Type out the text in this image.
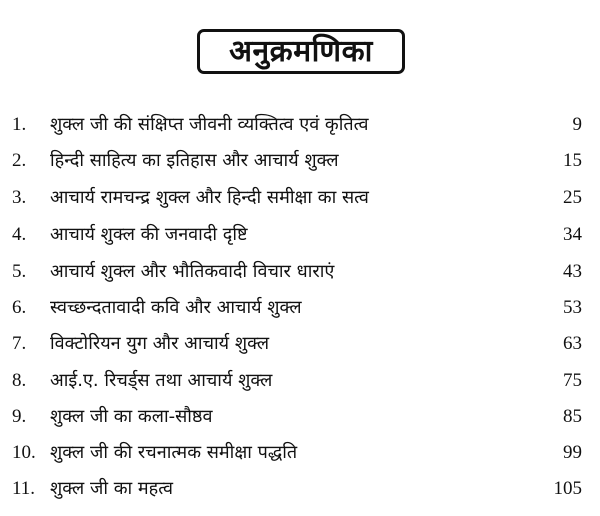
अनुक्रमणिका
1. शुक्ल जी की संक्षिप्त जीवनी व्यक्तित्व एवं कृतित्व	9
2. हिन्दी साहित्य का इतिहास और आचार्य शुक्ल	15
3. आचार्य रामचन्द्र शुक्ल और हिन्दी समीक्षा का सत्व	25
4. आचार्य शुक्ल की जनवादी दृष्टि	34
5. आचार्य शुक्ल और भौतिकवादी विचार धाराएं	43
6. स्वच्छन्दतावादी कवि और आचार्य शुक्ल	53
7. विक्टोरियन युग और आचार्य शुक्ल	63
8. आई.ए. रिचर्ड्स तथा आचार्य शुक्ल	75
9. शुक्ल जी का कला-सौष्ठव	85
10. शुक्ल जी की रचनात्मक समीक्षा पद्धति	99
11. शुक्ल जी का महत्व	105
